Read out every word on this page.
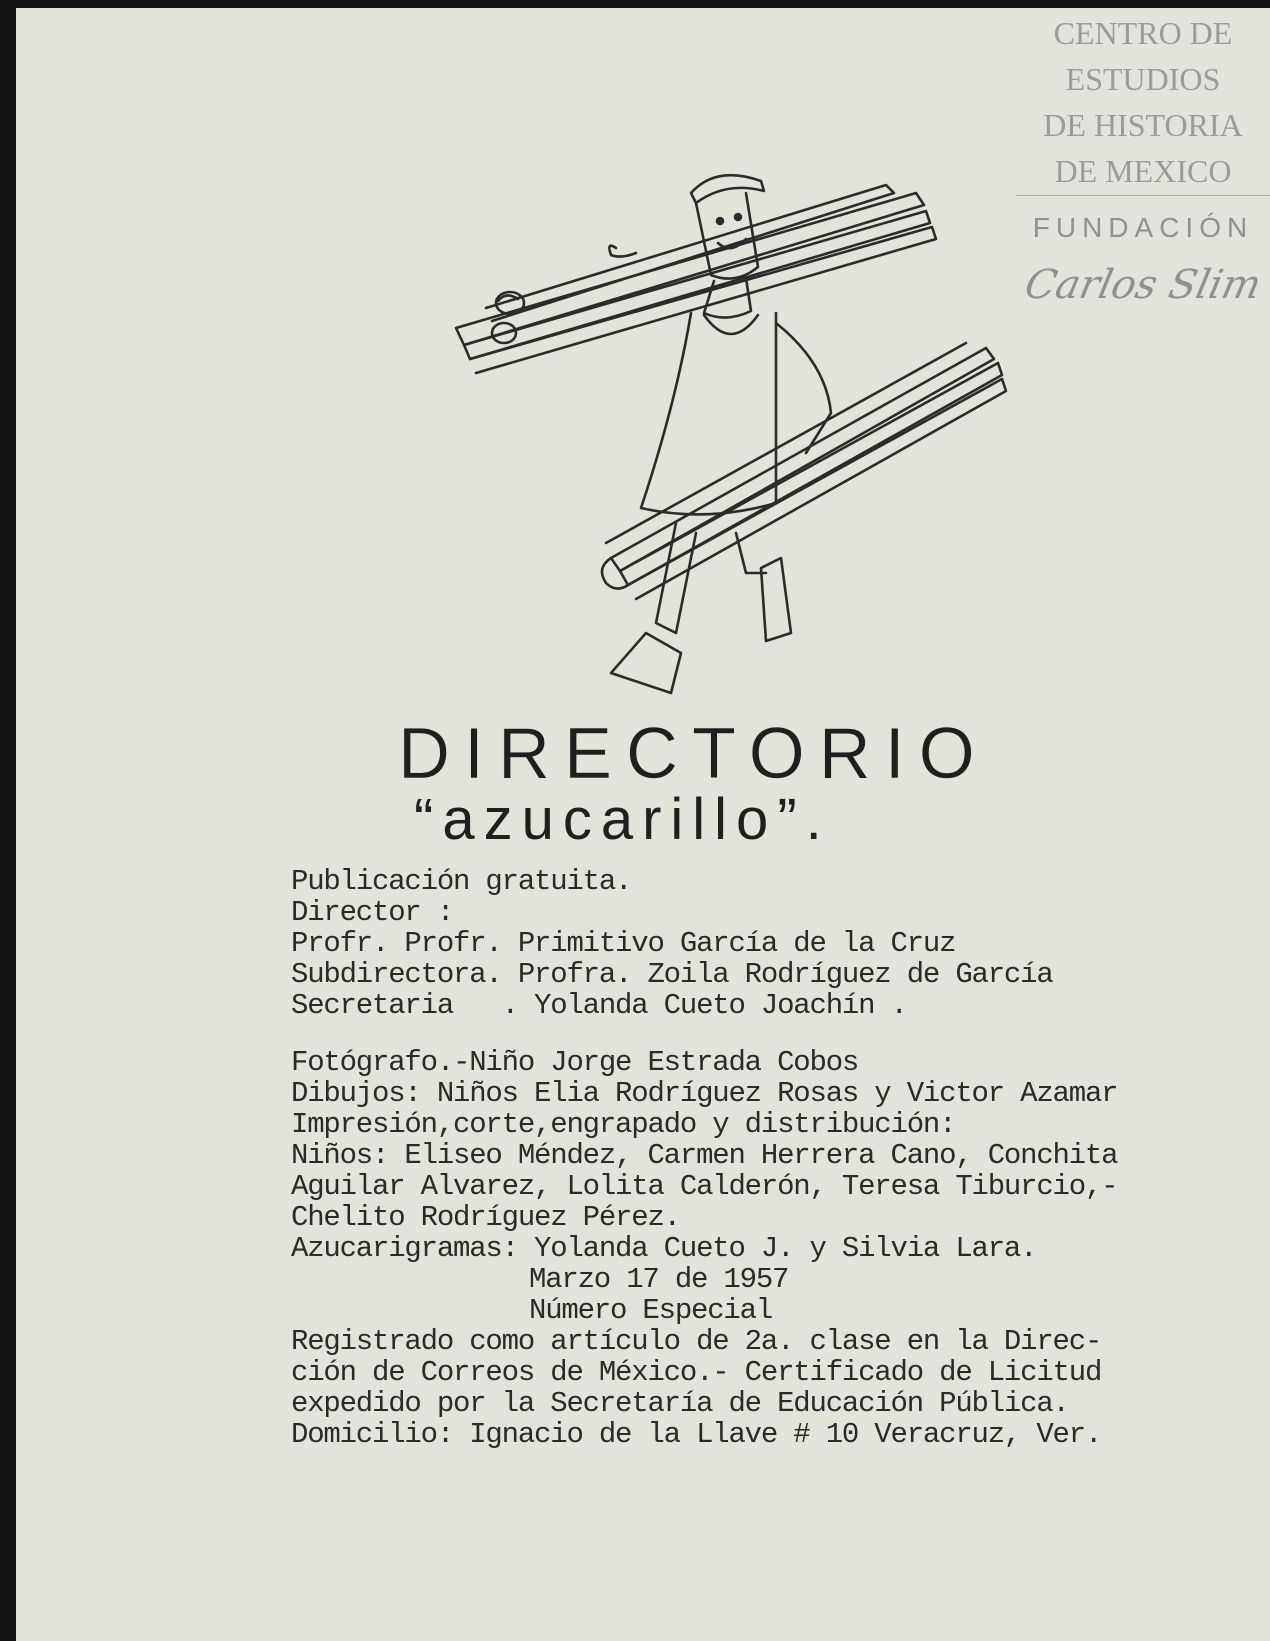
CENTRO DE
ESTUDIOS
DE HISTORIA
DE MEXICO
FUNDACIÓN
Carlos Slim
DIRECTORIO
“azucarillo”.
Publicación gratuita.
Director :
Profr. Profr. Primitivo García de la Cruz
Subdirectora. Profra. Zoila Rodríguez de García
Secretaria   . Yolanda Cueto Joachín .
Fotógrafo.-Niño Jorge Estrada Cobos
Dibujos: Niños Elia Rodríguez Rosas y Victor Azamar
Impresión,corte,engrapado y distribución:
Niños: Eliseo Méndez, Carmen Herrera Cano, Conchita
Aguilar Alvarez, Lolita Calderón, Teresa Tiburcio,-
Chelito Rodríguez Pérez.
Azucarigramas: Yolanda Cueto J. y Silvia Lara.
Marzo 17 de 1957
Número Especial
Registrado como artículo de 2a. clase en la Direc-
ción de Correos de México.- Certificado de Licitud
expedido por la Secretaría de Educación Pública.
Domicilio: Ignacio de la Llave # 10 Veracruz, Ver.
